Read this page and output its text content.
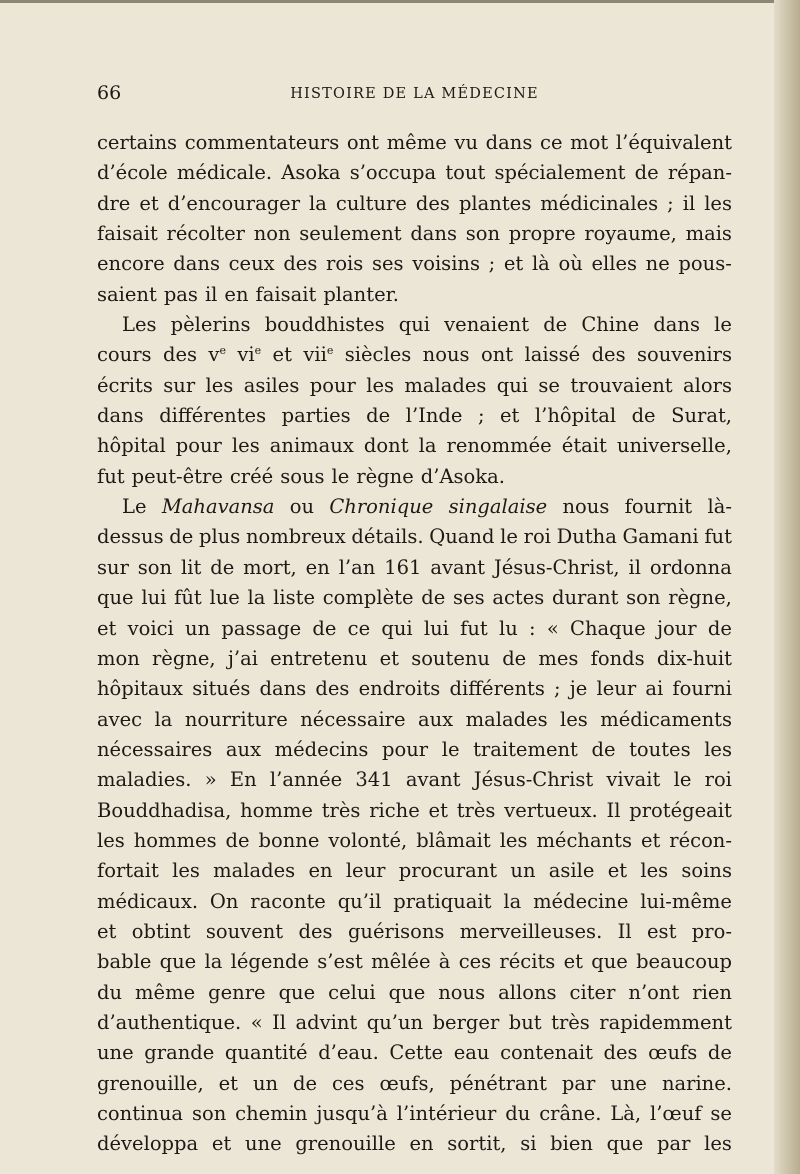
66	HISTOIRE DE LA MÉDECINE
certains commentateurs ont même vu dans ce mot l’équivalent
d’école médicale. Asoka s’occupa tout spécialement de répan-
dre et d’encourager la culture des plantes médicinales ; il les
faisait récolter non seulement dans son propre royaume, mais
encore dans ceux des rois ses voisins ; et là où elles ne pous-
saient pas il en faisait planter.
Les pèlerins bouddhistes qui venaient de Chine dans le
cours des $v^e$ $vi^e$ et vii$^e$ siècles nous ont laissé des souvenirs
écrits sur les asiles pour les malades qui se trouvaient alors
dans différentes parties de l’Inde ; et l’hôpital de Surat,
hôpital pour les animaux dont la renommée était universelle,
fut peut-être créé sous le règne d’Asoka.
Le Mahavansa ou Chronique singalaise nous fournit là-
dessus de plus nombreux détails. Quand le roi Dutha Gamani fut
sur son lit de mort, en l’an 161 avant Jésus-Christ, il ordonna
que lui fût lue la liste complète de ses actes durant son règne,
et voici un passage de ce qui lui fut lu : « Chaque jour de
mon règne, j’ai entretenu et soutenu de mes fonds dix-huit
hôpitaux situés dans des endroits différents ; je leur ai fourni
avec la nourriture nécessaire aux malades les médicaments
nécessaires aux médecins pour le traitement de toutes les
maladies. » En l’année 341 avant Jésus-Christ vivait le roi
Bouddhadisa, homme très riche et très vertueux. Il protégeait
les hommes de bonne volonté, blâmait les méchants et récon-
fortait les malades en leur procurant un asile et les soins
médicaux. On raconte qu’il pratiquait la médecine lui-même
et obtint souvent des guérisons merveilleuses. Il est pro-
bable que la légende s’est mêlée à ces récits et que beaucoup
du même genre que celui que nous allons citer n’ont rien
d’authentique. « Il advint qu’un berger but très rapidemment
une grande quantité d’eau. Cette eau contenait des œufs de
grenouille, et un de ces œufs, pénétrant par une narine.
continua son chemin jusqu’à l’intérieur du crâne. Là, l’œuf se
développa et une grenouille en sortit, si bien que par les
